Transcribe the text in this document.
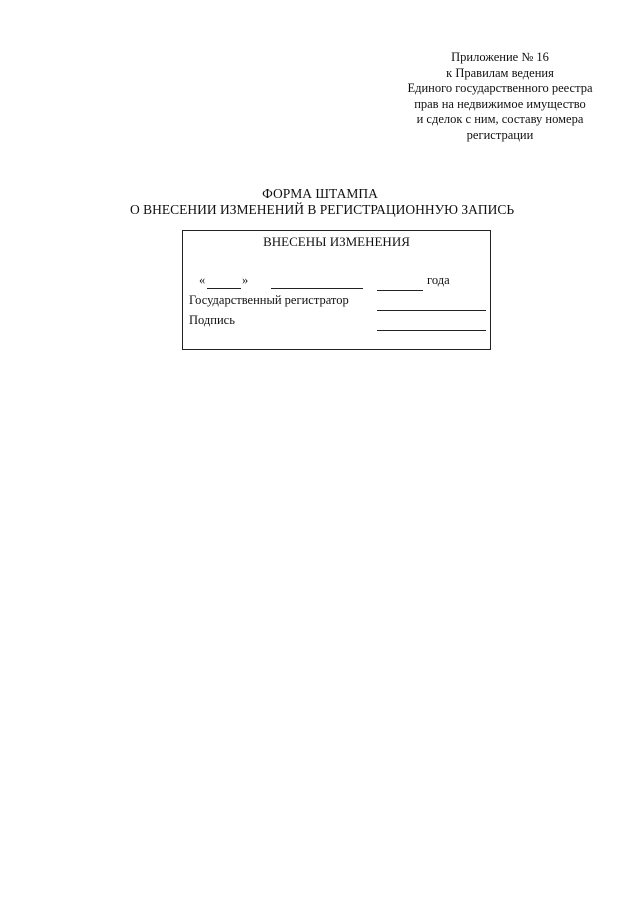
Приложение № 16
к Правилам ведения
Единого государственного реестра
прав на недвижимое имущество
и сделок с ним, составу номера
регистрации
ФОРМА ШТАМПА
О ВНЕСЕНИИ ИЗМЕНЕНИЙ В РЕГИСТРАЦИОННУЮ ЗАПИСЬ
ВНЕСЕНЫ ИЗМЕНЕНИЯ
«	»	года
Государственный регистратор
Подпись
